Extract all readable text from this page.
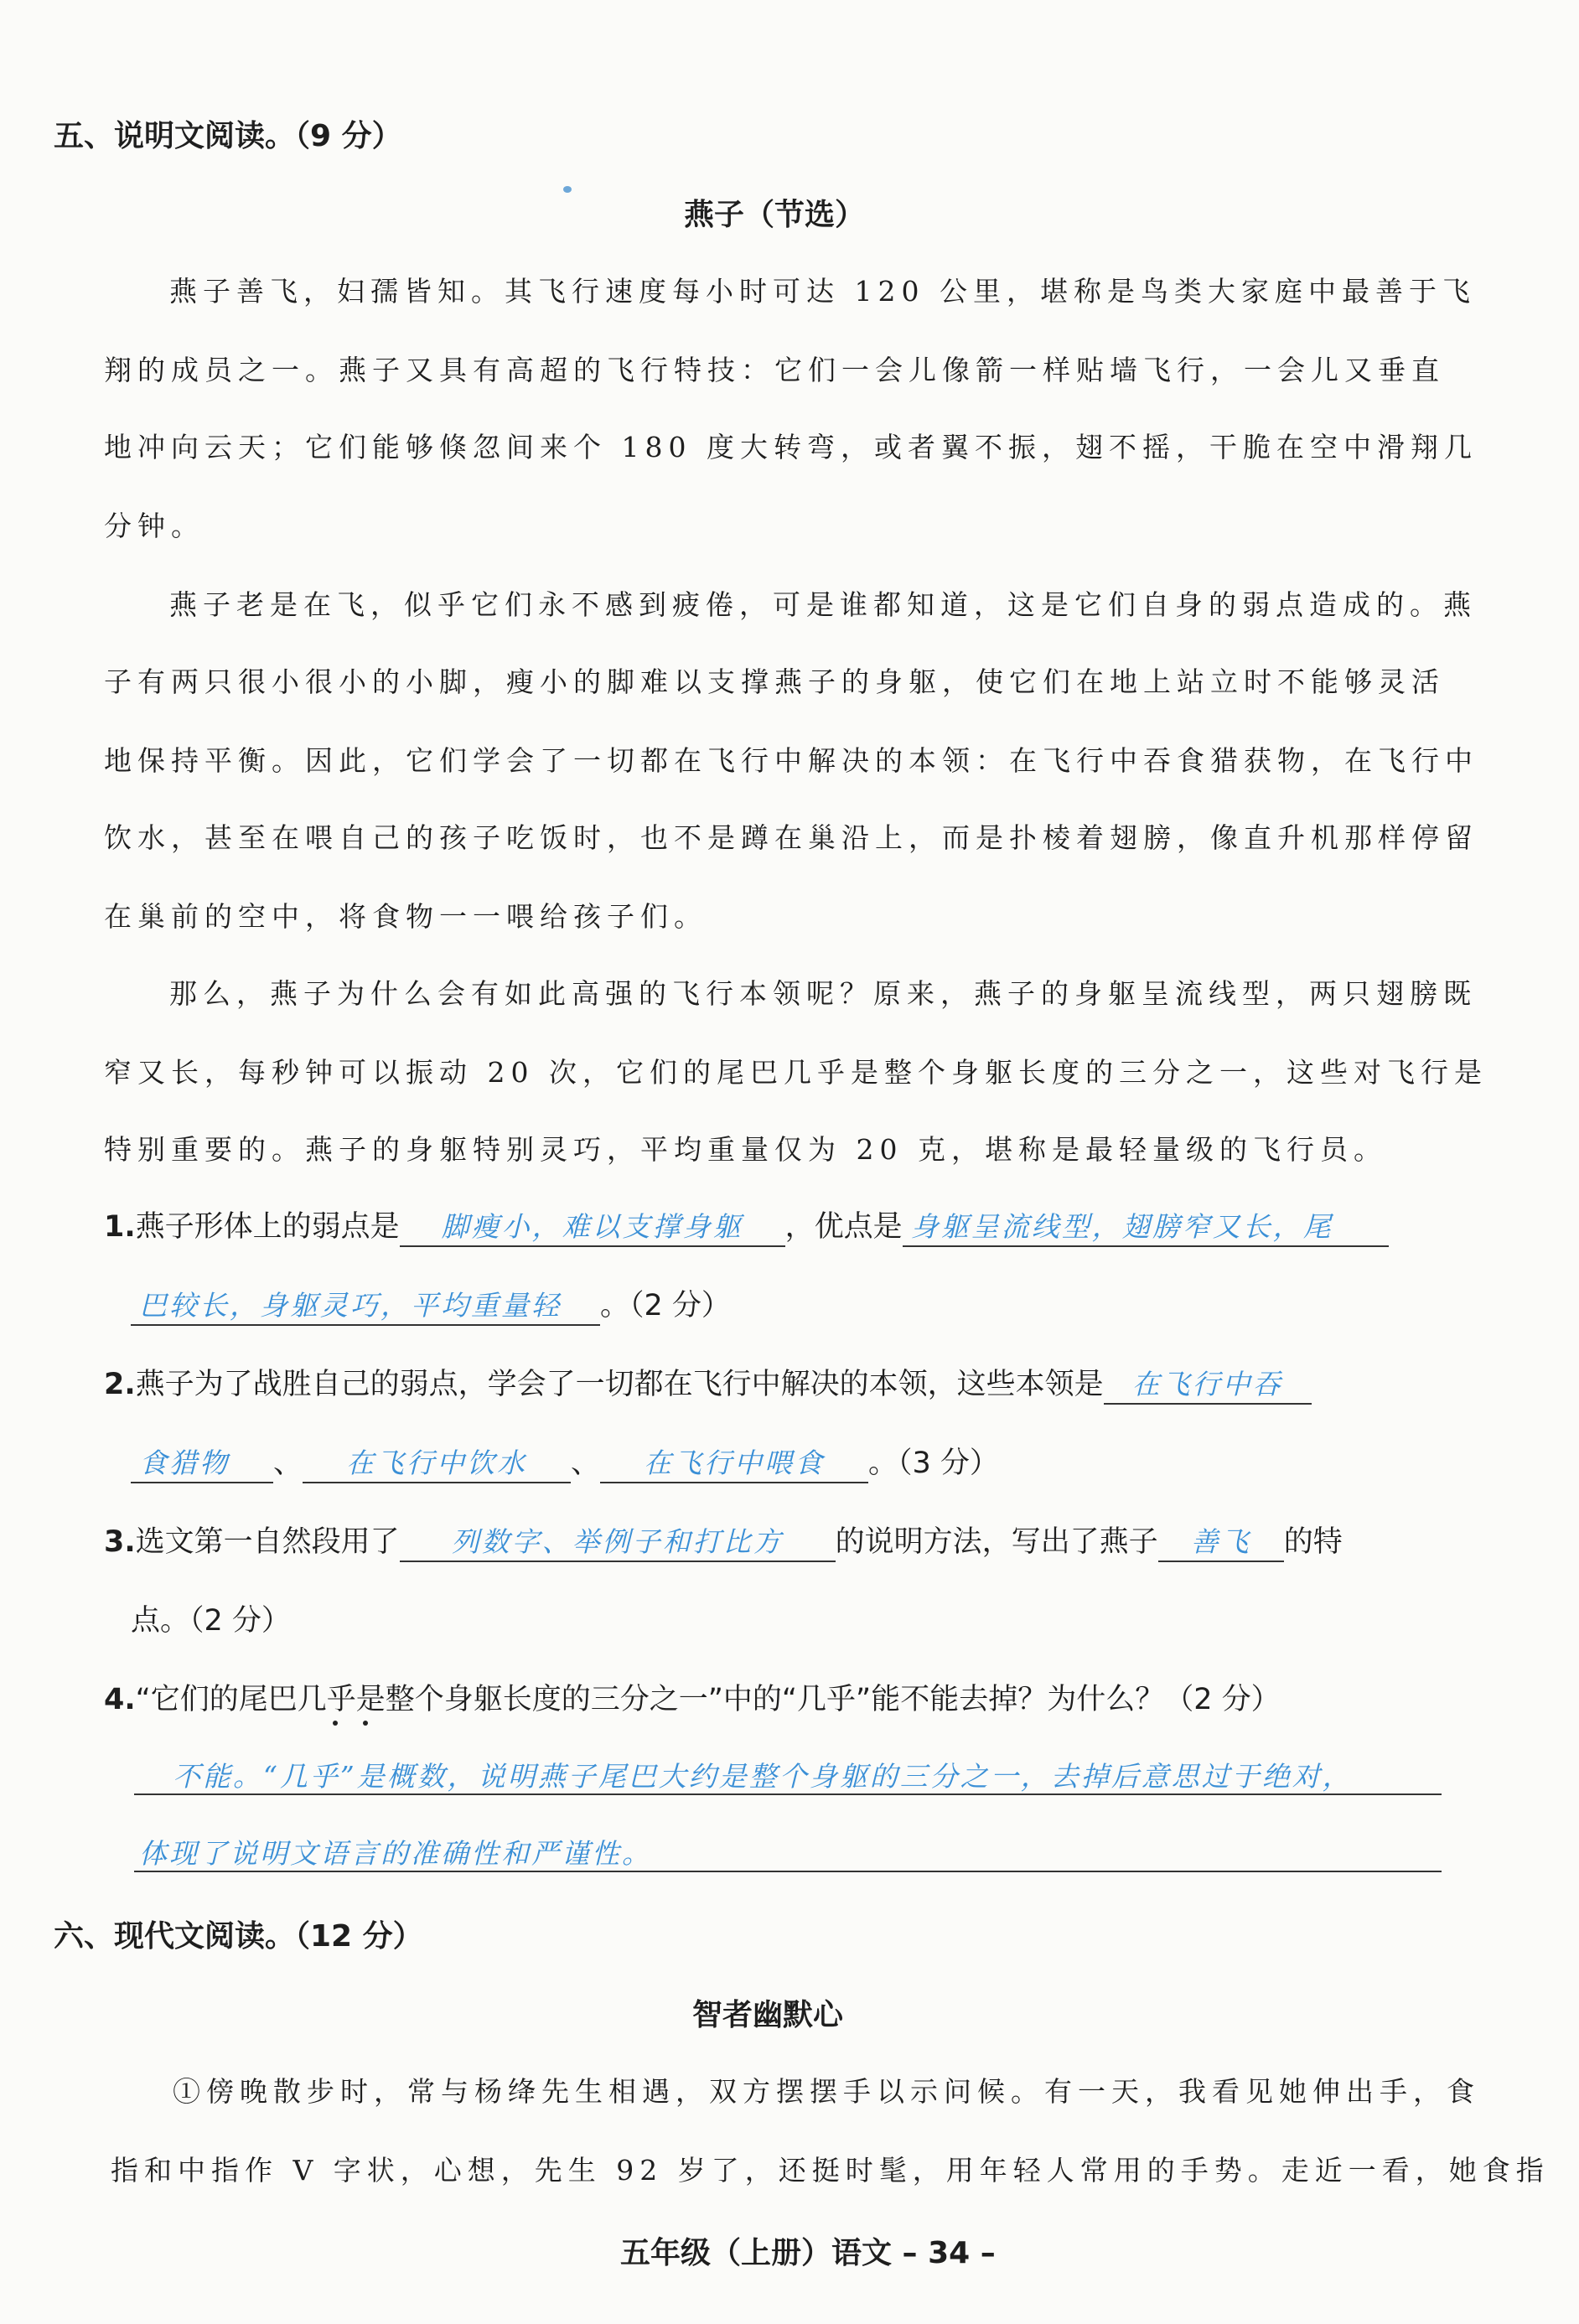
五、说明文阅读。（9 分）
燕子（节选）
燕子善飞，妇孺皆知。其飞行速度每小时可达 120 公里，堪称是鸟类大家庭中最善于飞
翔的成员之一。燕子又具有高超的飞行特技：它们一会儿像箭一样贴墙飞行，一会儿又垂直
地冲向云天；它们能够倏忽间来个 180 度大转弯，或者翼不振，翅不摇，干脆在空中滑翔几
分钟。
燕子老是在飞，似乎它们永不感到疲倦，可是谁都知道，这是它们自身的弱点造成的。燕
子有两只很小很小的小脚，瘦小的脚难以支撑燕子的身躯，使它们在地上站立时不能够灵活
地保持平衡。因此，它们学会了一切都在飞行中解决的本领：在飞行中吞食猎获物，在飞行中
饮水，甚至在喂自己的孩子吃饭时，也不是蹲在巢沿上，而是扑棱着翅膀，像直升机那样停留
在巢前的空中，将食物一一喂给孩子们。
那么，燕子为什么会有如此高强的飞行本领呢？原来，燕子的身躯呈流线型，两只翅膀既
窄又长，每秒钟可以振动 20 次，它们的尾巴几乎是整个身躯长度的三分之一，这些对飞行是
特别重要的。燕子的身躯特别灵巧，平均重量仅为 20 克，堪称是最轻量级的飞行员。
1.燕子形体上的弱点是 脚瘦小，难以支撑身躯 ，优点是 身躯呈流线型，翅膀窄又长，尾
巴较长，身躯灵巧，平均重量轻 。（2 分）
2.燕子为了战胜自己的弱点，学会了一切都在飞行中解决的本领，这些本领是 在飞行中吞
食猎物 、 在飞行中饮水 、 在飞行中喂食 。（3 分）
3.选文第一自然段用了 列数字、举例子和打比方 的说明方法，写出了燕子 善飞 的特
点。（2 分）
4.“它们的尾巴几乎是整个身躯长度的三分之一”中的“几乎”能不能去掉？为什么？（2 分）
不能。“几乎”是概数，说明燕子尾巴大约是整个身躯的三分之一，去掉后意思过于绝对，
体现了说明文语言的准确性和严谨性。
六、现代文阅读。（12 分）
智者幽默心
①傍晚散步时，常与杨绛先生相遇，双方摆摆手以示问候。有一天，我看见她伸出手，食
指和中指作 V 字状，心想，先生 92 岁了，还挺时髦，用年轻人常用的手势。走近一看，她食指
五年级（上册）语文 – 34 –
